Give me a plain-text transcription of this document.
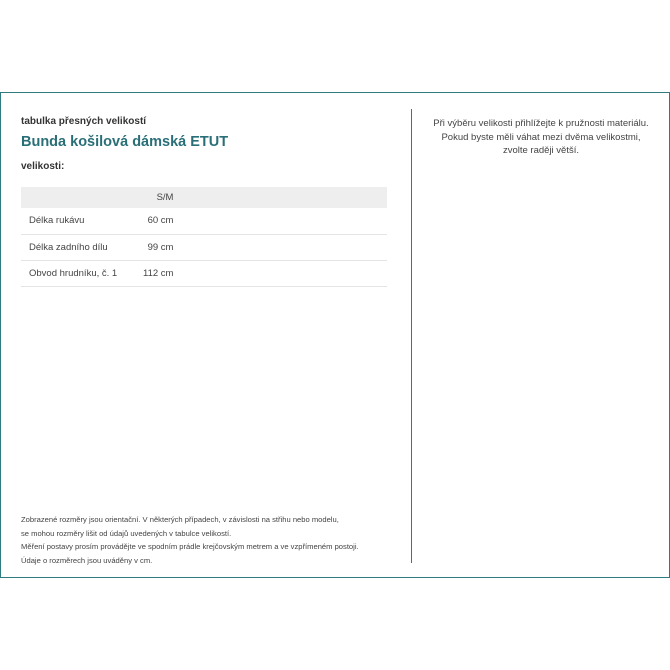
tabulka přesných velikostí
Bunda košilová dámská ETUT
velikosti:
	S/M	
Délka rukávu	60 cm	
Délka zadního dílu	99 cm	
Obvod hrudníku, č. 1	112 cm	
Při výběru velikosti přihlížejte k pružnosti materiálu.
Pokud byste měli váhat mezi dvěma velikostmi,
zvolte raději větší.
Zobrazené rozměry jsou orientační. V některých případech, v závislosti na střihu nebo modelu,
se mohou rozměry lišit od údajů uvedených v tabulce velikostí.
Měření postavy prosím provádějte ve spodním prádle krejčovským metrem a ve vzpřímeném postoji.
Údaje o rozměrech jsou uváděny v cm.
